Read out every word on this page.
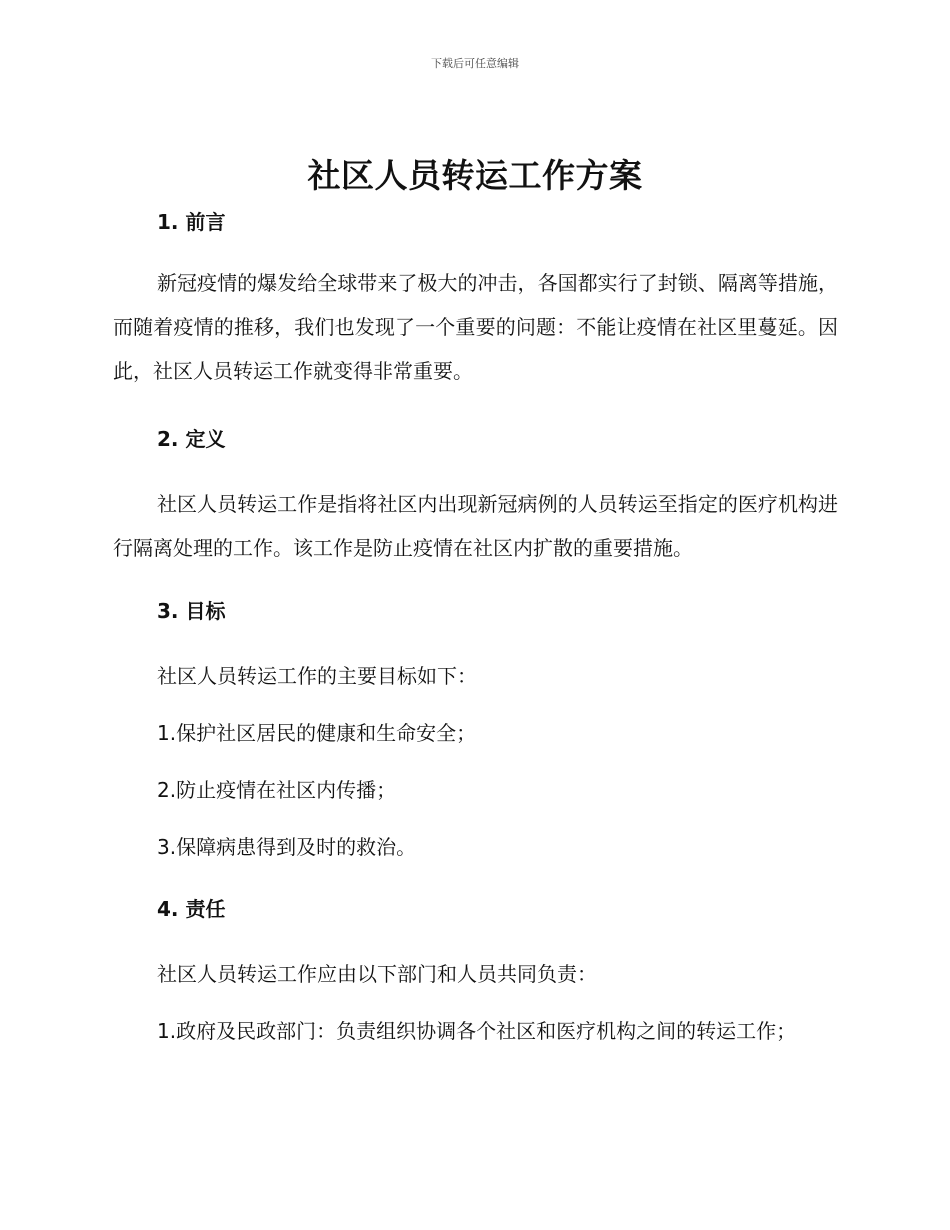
下载后可任意编辑
社区人员转运工作方案
1. 前言

新冠疫情的爆发给全球带来了极大的冲击，各国都实行了封锁、隔离等措施，而随着疫情的推移，我们也发现了一个重要的问题：不能让疫情在社区里蔓延。因此，社区人员转运工作就变得非常重要。

2. 定义

社区人员转运工作是指将社区内出现新冠病例的人员转运至指定的医疗机构进行隔离处理的工作。该工作是防止疫情在社区内扩散的重要措施。

3. 目标

社区人员转运工作的主要目标如下：

1.保护社区居民的健康和生命安全；

2.防止疫情在社区内传播；

3.保障病患得到及时的救治。

4. 责任

社区人员转运工作应由以下部门和人员共同负责：

1.政府及民政部门：负责组织协调各个社区和医疗机构之间的转运工作；
